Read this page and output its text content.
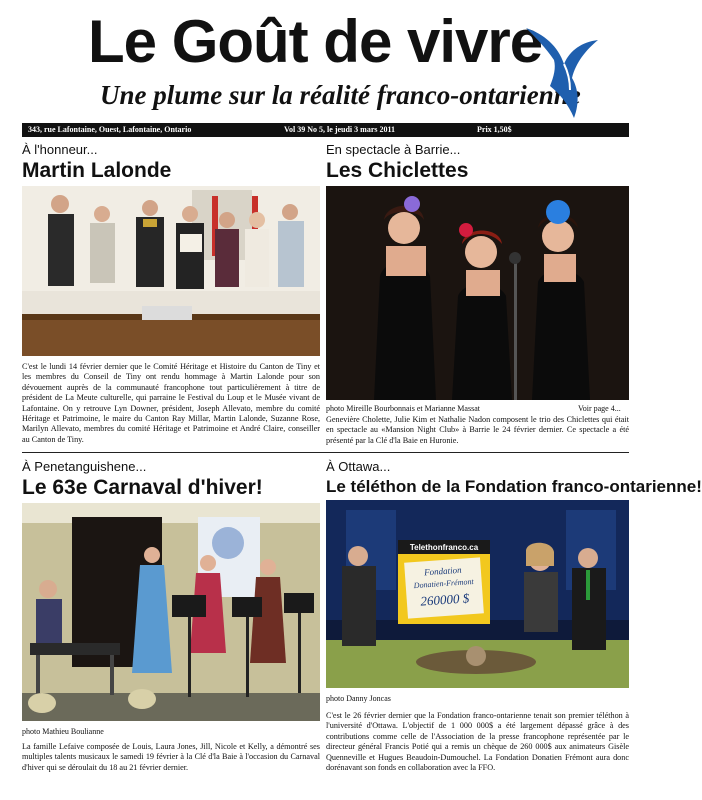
Le Goût de vivre
Une plume sur la réalité franco-ontarienne
343, rue Lafontaine, Ouest, Lafontaine, Ontario	Vol 39 No 5, le jeudi 3 mars 2011	Prix 1,50$
À l'honneur...
Martin Lalonde
C'est le lundi 14 février dernier que le Comité Héritage et Histoire du Canton de Tiny et les membres du Conseil de Tiny ont rendu hommage à Martin Lalonde pour son dévouement auprès de la communauté francophone tout particulièrement à titre de président de La Meute culturelle, qui parraine le Festival du Loup et le Musée vivant de Lafontaine. On y retrouve Lyn Downer, président, Joseph Allevato, membre du comité Héritage et Patrimoine, le maire du Canton Ray Millar, Martin Lalonde, Suzanne Rose, Marilyn Allevato, membres du comité Héritage et Patrimoine et André Claire, conseiller au Canton de Tiny.
En spectacle à Barrie...
Les Chiclettes
photo Mireille Bourbonnais et Marianne Massat	Voir page 4...
Genevière Cholette, Julie Kim et Nathalie Nadon composent le trio des Chiclettes qui était en spectacle au «Mansion Night Club» à Barrie le 24 février dernier. Ce spectacle a été présenté par la Clé d'la Baie en Huronie.
À Penetanguishene...
Le 63e Carnaval d'hiver!
photo Mathieu Boulianne
La famille Lefaive composée de Louis, Laura Jones, Jill, Nicole et Kelly, a démontré ses multiples talents musicaux le samedi 19 février à la Clé d'la Baie à l'occasion du Carnaval d'hiver qui se déroulait du 18 au 21 février dernier.
À Ottawa...
Le téléthon de la Fondation franco-ontarienne!
Telethonfranco.ca
Fondation
Donatien-Frémont
260000 $
photo Danny Joncas
C'est le 26 février dernier que la Fondation franco-ontarienne tenait son premier téléthon à l'université d'Ottawa. L'objectif de 1 000 000$ a été largement dépassé grâce à des contributions comme celle de l'Association de la presse francophone représentée par le directeur général Francis Potié qui a remis un chèque de 260 000$ aux animateurs Gisèle Quenneville et Hugues Beaudoin-Dumouchel. La Fondation Donatien Frémont aura donc dorénavant son fonds en collaboration avec la FFO.
